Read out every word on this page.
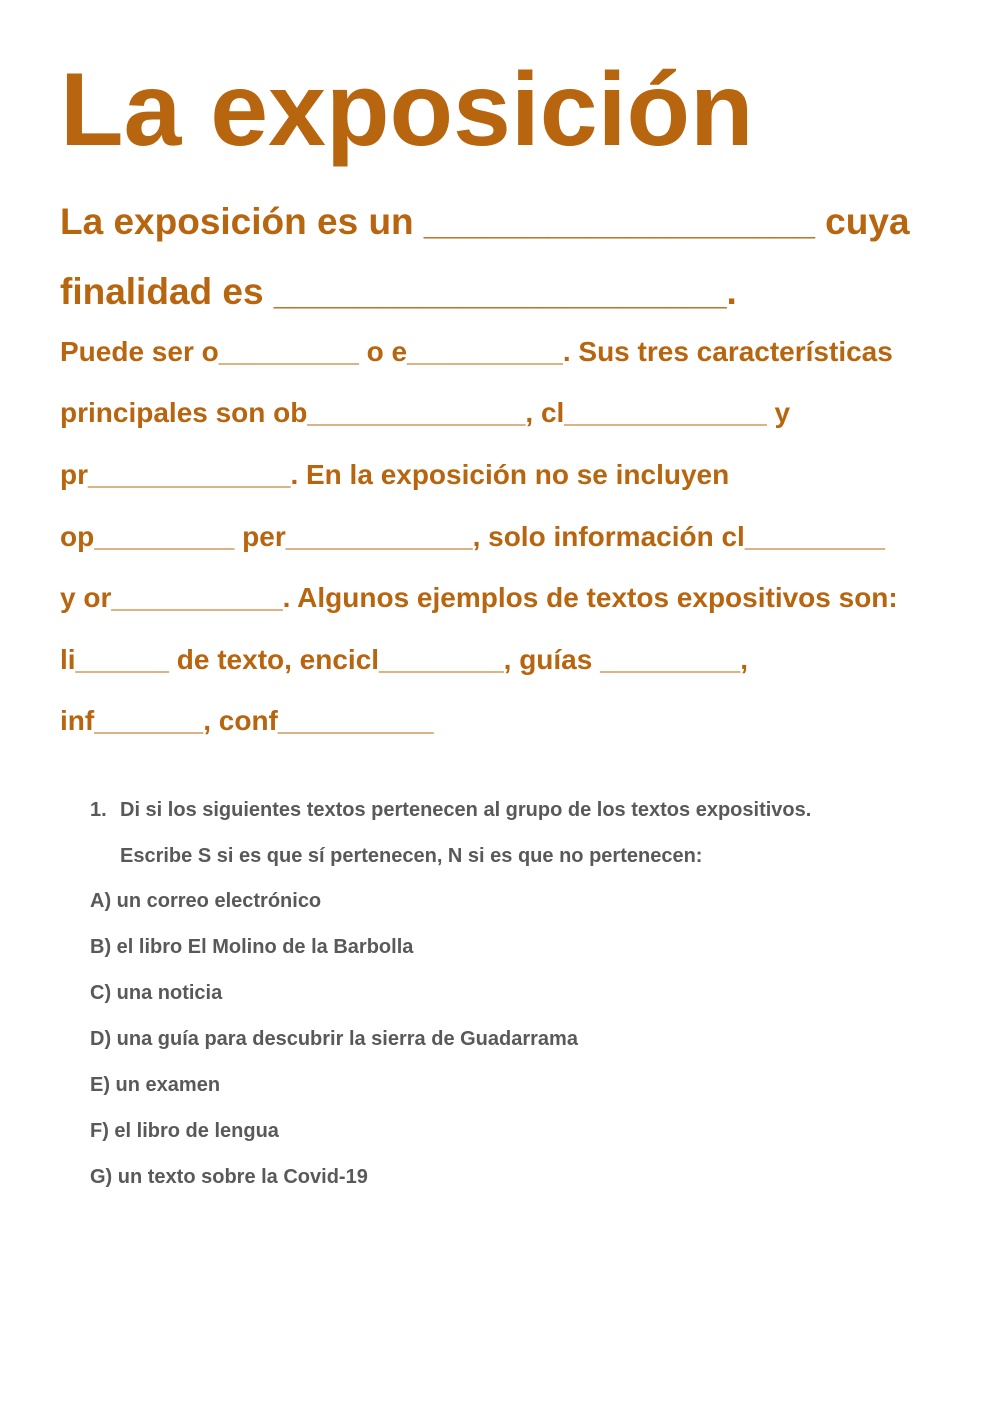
La exposición

La exposición es un ___________________ cuya

finalidad es ______________________.

Puede ser o_________ o e__________. Sus tres características

principales son ob______________, cl_____________ y

pr_____________. En la exposición no se incluyen

op_________ per____________, solo información cl_________

y or___________. Algunos ejemplos de textos expositivos son:

li______ de texto, encicl________, guías _________,

inf_______, conf__________

1. Di si los siguientes textos pertenecen al grupo de los textos expositivos.

Escribe S si es que sí pertenecen, N si es que no pertenecen:

A) un correo electrónico

B) el libro El Molino de la Barbolla

C) una noticia

D) una guía para descubrir la sierra de Guadarrama

E) un examen

F) el libro de lengua

G) un texto sobre la Covid-19
